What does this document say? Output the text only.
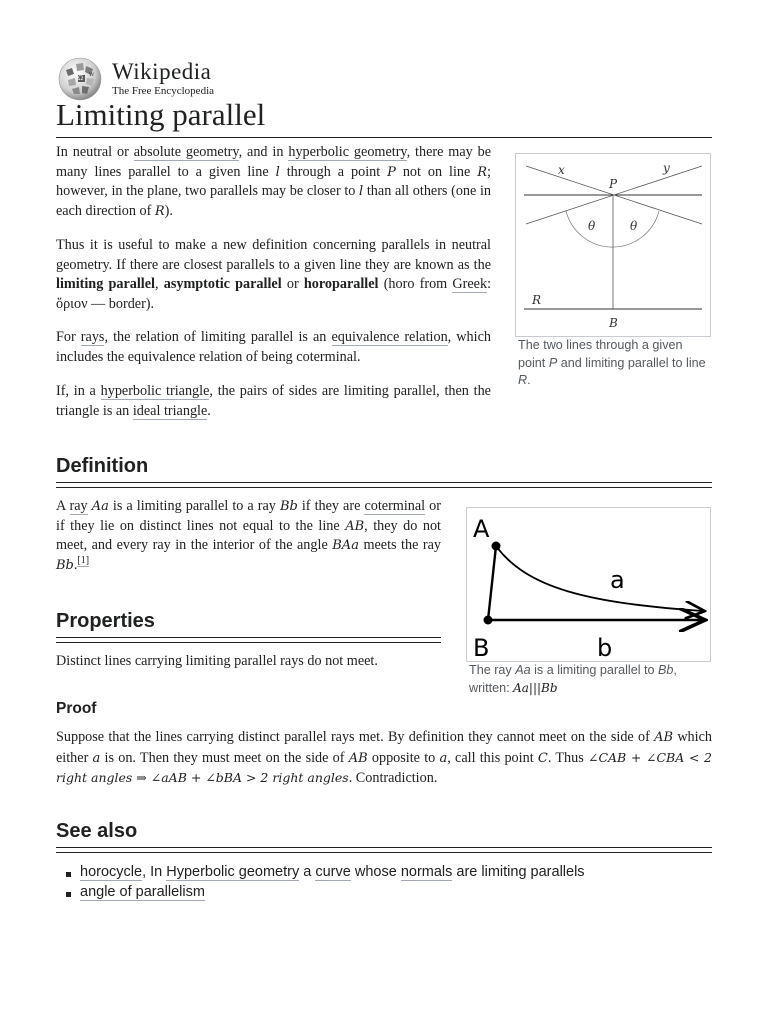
Ω W Wikipedia
The Free Encyclopedia
Limiting parallel

In neutral or absolute geometry, and in hyperbolic geometry, there may be many lines parallel to a given line l through a point P not on line R; however, in the plane, two parallels may be closer to l than all others (one in each direction of R).

Thus it is useful to make a new definition concerning parallels in neutral geometry. If there are closest parallels to a given line they are known as the limiting parallel, asymptotic parallel or horoparallel (horo from Greek: ὅριον — border).

For rays, the relation of limiting parallel is an equivalence relation, which includes the equivalence relation of being coterminal.

If, in a hyperbolic triangle, the pairs of sides are limiting parallel, then the triangle is an ideal triangle.

x	y
P
θ	θ
R
B

The two lines through a given point P and limiting parallel to line R.

Definition

A ray Aa is a limiting parallel to a ray Bb if they are coterminal or if they lie on distinct lines not equal to the line AB, they do not meet, and every ray in the interior of the angle BAa meets the ray Bb.[1]

A
a
B	b

The ray Aa is a limiting parallel to Bb, written: Aa|||Bb

Properties

Distinct lines carrying limiting parallel rays do not meet.

Proof

Suppose that the lines carrying distinct parallel rays met. By definition they cannot meet on the side of AB which either a is on. Then they must meet on the side of AB opposite to a, call this point C. Thus ∠CAB + ∠CBA < 2 right angles ⇒ ∠aAB + ∠bBA > 2 right angles. Contradiction.

See also
horocycle, In Hyperbolic geometry a curve whose normals are limiting parallels
angle of parallelism
